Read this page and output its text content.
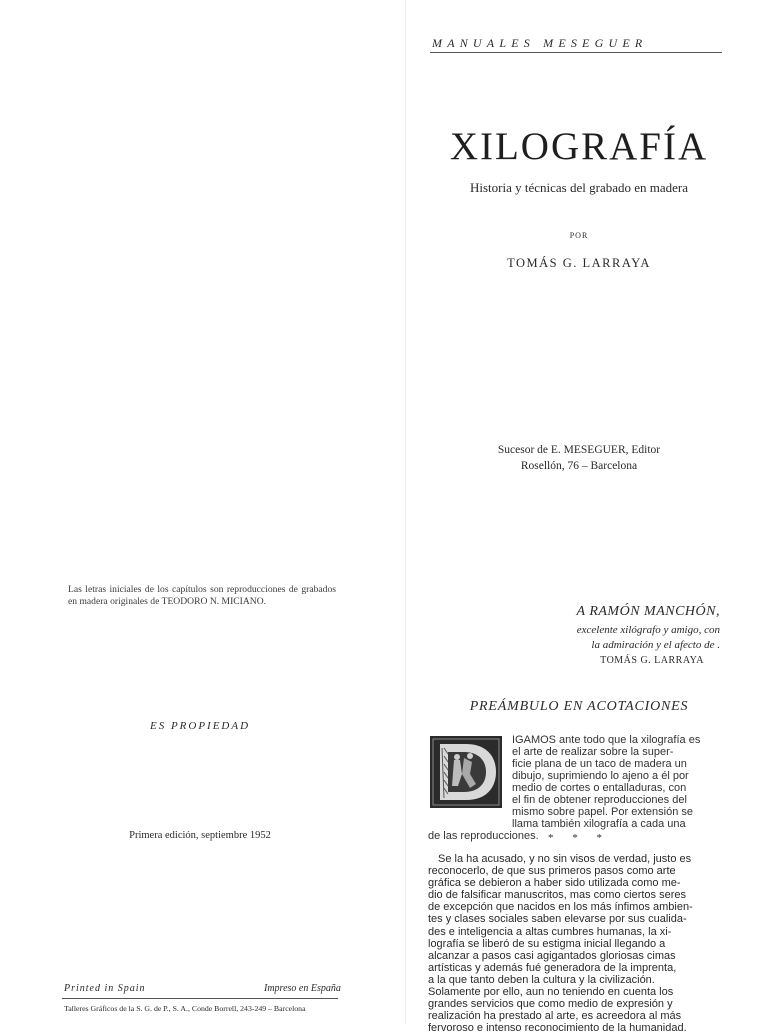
MANUALES MESEGUER
XILOGRAFÍA
Historia y técnicas del grabado en madera
POR
TOMÁS G. LARRAYA
Sucesor de E. MESEGUER, Editor
Rosellón, 76 – Barcelona
Las letras iniciales de los capítulos son reproducciones de grabados en madera originales de TEODORO N. MICIANO.
ES PROPIEDAD
Primera edición, septiembre 1952
Printed in Spain	Impreso en España
Talleres Gráficos de la S. G. de P., S. A., Conde Borrell, 243-249 – Barcelona
A RAMÓN MANCHÓN,
excelente xilógrafo y amigo, con
la admiración y el afecto de .
TOMÁS G. LARRAYA
PREÁMBULO EN ACOTACIONES
IGAMOS ante todo que la xilografía es
el arte de realizar sobre la super-
ficie plana de un taco de madera un
dibujo, suprimiendo lo ajeno a él por
medio de cortes o entalladuras, con
el fin de obtener reproducciones del
mismo sobre papel. Por extensión se
llama también xilografía a cada una
de las reproducciones. * * *
Se la ha acusado, y no sin visos de verdad, justo es
reconocerlo, de que sus primeros pasos como arte
gráfica se debieron a haber sido utilizada como me-
dio de falsificar manuscritos, mas como ciertos seres
de excepción que nacidos en los más ínfimos ambien-
tes y clases sociales saben elevarse por sus cualida-
des e inteligencia a altas cumbres humanas, la xi-
lografía se liberó de su estigma inicial llegando a
alcanzar a pasos casi agigantados gloriosas cimas
artísticas y además fué generadora de la imprenta,
a la que tanto deben la cultura y la civilización.
Solamente por ello, aun no teniendo en cuenta los
grandes servicios que como medio de expresión y
realización ha prestado al arte, es acreedora al más
fervoroso e intenso reconocimiento de la humanidad.
